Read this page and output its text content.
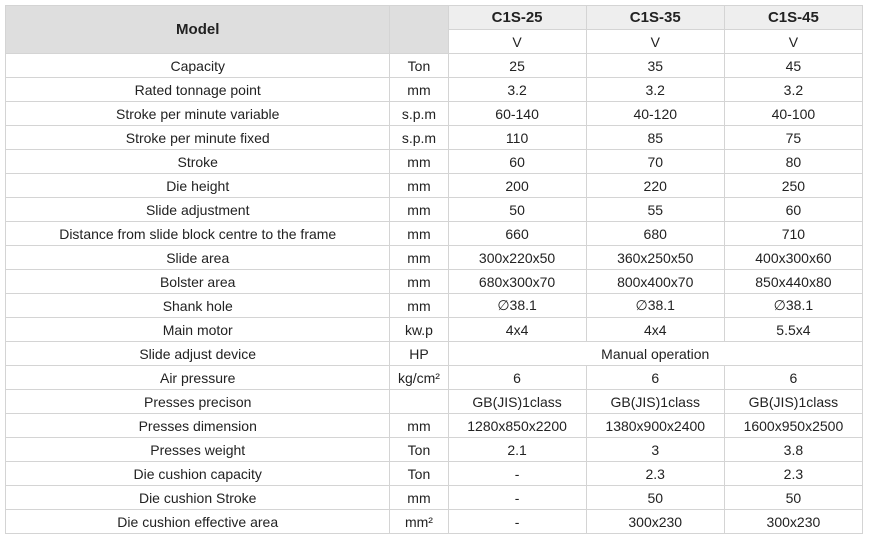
Model		C1S-25	C1S-35	C1S-45
		V	V	V
Capacity	Ton	25	35	45
Rated tonnage point	mm	3.2	3.2	3.2
Stroke per minute variable	s.p.m	60-140	40-120	40-100
Stroke per minute fixed	s.p.m	110	85	75
Stroke	mm	60	70	80
Die height	mm	200	220	250
Slide adjustment	mm	50	55	60
Distance from slide block centre to the frame	mm	660	680	710
Slide area	mm	300x220x50	360x250x50	400x300x60
Bolster area	mm	680x300x70	800x400x70	850x440x80
Shank hole	mm	∅38.1	∅38.1	∅38.1
Main motor	kw.p	4x4	4x4	5.5x4
Slide adjust device	HP	Manual operation		
Air pressure	kg/cm²	6	6	6
Presses precison		GB(JIS)1class	GB(JIS)1class	GB(JIS)1class
Presses dimension	mm	1280x850x2200	1380x900x2400	1600x950x2500
Presses weight	Ton	2.1	3	3.8
Die cushion capacity	Ton	-	2.3	2.3
Die cushion Stroke	mm	-	50	50
Die cushion effective area	mm²	-	300x230	300x230
